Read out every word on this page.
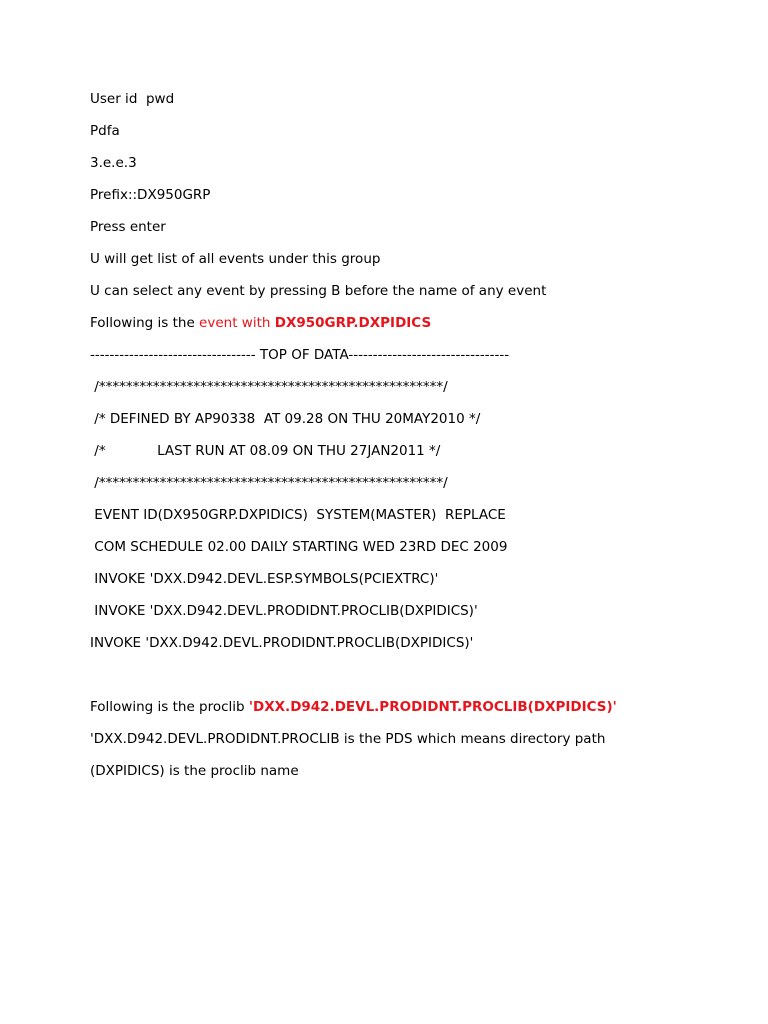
User id  pwd
Pdfa
3.e.e.3
Prefix::DX950GRP
Press enter
U will get list of all events under this group
U can select any event by pressing B before the name of any event
Following is the event with DX950GRP.DXPIDICS
---------------------------------- TOP OF DATA---------------------------------
/***************************************************/
/* DEFINED BY AP90338  AT 09.28 ON THU 20MAY2010 */
/*            LAST RUN AT 08.09 ON THU 27JAN2011 */
/***************************************************/
EVENT ID(DX950GRP.DXPIDICS)  SYSTEM(MASTER)  REPLACE
COM SCHEDULE 02.00 DAILY STARTING WED 23RD DEC 2009
INVOKE 'DXX.D942.DEVL.ESP.SYMBOLS(PCIEXTRC)'
INVOKE 'DXX.D942.DEVL.PRODIDNT.PROCLIB(DXPIDICS)'
INVOKE 'DXX.D942.DEVL.PRODIDNT.PROCLIB(DXPIDICS)'
Following is the proclib 'DXX.D942.DEVL.PRODIDNT.PROCLIB(DXPIDICS)'
'DXX.D942.DEVL.PRODIDNT.PROCLIB is the PDS which means directory path
(DXPIDICS) is the proclib name
